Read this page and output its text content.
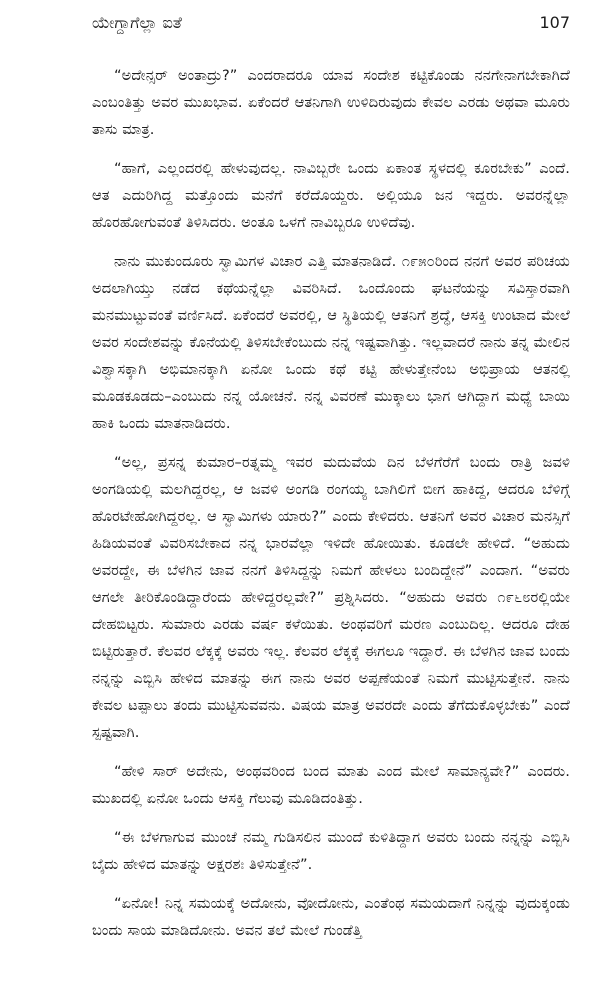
ಯೇಗ್ದಾಗೆಲ್ಲಾ ಐತೆ	107

“ಅದೇನ್ಸರ್ ಅಂತಾದ್ರು?” ಎಂದರಾದರೂ ಯಾವ ಸಂದೇಶ ಕಟ್ಟಿಕೊಂಡು ನನಗೇನಾಗಬೇಕಾಗಿದೆ ಎಂಬಂತಿತ್ತು ಅವರ ಮುಖಭಾವ. ಏಕೆಂದರೆ ಆತನಿಗಾಗಿ ಉಳಿದಿರುವುದು ಕೇವಲ ಎರಡು ಅಥವಾ ಮೂರು ತಾಸು ಮಾತ್ರ.

“ಹಾಗೆ, ಎಲ್ಲಂದರಲ್ಲಿ ಹೇಳುವುದಲ್ಲ. ನಾವಿಬ್ಬರೇ ಒಂದು ಏಕಾಂತ ಸ್ಥಳದಲ್ಲಿ ಕೂರಬೇಕು” ಎಂದೆ. ಆತ ಎದುರಿಗಿದ್ದ ಮತ್ತೊಂದು ಮನೆಗೆ ಕರೆದೊಯ್ದರು. ಅಲ್ಲಿಯೂ ಜನ ಇದ್ದರು. ಅವರನ್ನೆಲ್ಲಾ ಹೊರಹೋಗುವಂತೆ ತಿಳಿಸಿದರು. ಅಂತೂ ಒಳಗೆ ನಾವಿಬ್ಬರೂ ಉಳಿದೆವು.

ನಾನು ಮುಕುಂದೂರು ಸ್ವಾಮಿಗಳ ವಿಚಾರ ಎತ್ತಿ ಮಾತನಾಡಿದೆ. ೧೯೫೦ರಿಂದ ನನಗೆ ಅವರ ಪರಿಚಯ ಅದಲಾಗಿಯ್ತು ನಡೆದ ಕಥೆಯನ್ನೆಲ್ಲಾ ವಿವರಿಸಿದೆ. ಒಂದೊಂದು ಘಟನೆಯನ್ನು ಸವಿಸ್ತಾರವಾಗಿ ಮನಮುಟ್ಟುವಂತೆ ವರ್ಣಿಸಿದೆ. ಏಕೆಂದರೆ ಅವರಲ್ಲಿ, ಆ ಸ್ಥಿತಿಯಲ್ಲಿ ಆತನಿಗೆ ಶ್ರದ್ಧೆ, ಆಸಕ್ತಿ ಉಂಟಾದ ಮೇಲೆ ಅವರ ಸಂದೇಶವನ್ನು ಕೊನೆಯಲ್ಲಿ ತಿಳಿಸಬೇಕೆಂಬುದು ನನ್ನ ಇಷ್ಟವಾಗಿತ್ತು. ಇಲ್ಲವಾದರೆ ನಾನು ತನ್ನ ಮೇಲಿನ ವಿಶ್ವಾಸಕ್ಕಾಗಿ ಅಭಿಮಾನಕ್ಕಾಗಿ ಏನೋ ಒಂದು ಕಥೆ ಕಟ್ಟಿ ಹೇಳುತ್ತೇನೆಂಬ ಅಭಿಪ್ರಾಯ ಆತನಲ್ಲಿ ಮೂಡಕೂಡದು–ಎಂಬುದು ನನ್ನ ಯೋಚನೆ. ನನ್ನ ವಿವರಣೆ ಮುಕ್ಕಾಲು ಭಾಗ ಆಗಿದ್ದಾಗ ಮಧ್ಯೆ ಬಾಯಿ ಹಾಕಿ ಒಂದು ಮಾತನಾಡಿದರು.

“ಅಲ್ಲ, ಪ್ರಸನ್ನ ಕುಮಾರ–ರತ್ನಮ್ಮ ಇವರ ಮದುವೆಯ ದಿನ ಬೆಳಗೆರೆಗೆ ಬಂದು ರಾತ್ರಿ ಜವಳಿ ಅಂಗಡಿಯಲ್ಲಿ ಮಲಗಿದ್ದರಲ್ಲ, ಆ ಜವಳಿ ಅಂಗಡಿ ರಂಗಯ್ಯ ಬಾಗಿಲಿಗೆ ಬೀಗ ಹಾಕಿದ್ದ, ಆದರೂ ಬೆಳಿಗ್ಗೆ ಹೊರಟೇಹೋಗಿದ್ದರಲ್ಲ. ಆ ಸ್ವಾಮಿಗಳು ಯಾರು?” ಎಂದು ಕೇಳಿದರು. ಆತನಿಗೆ ಅವರ ವಿಚಾರ ಮನಸ್ಸಿಗೆ ಹಿಡಿಯವಂತೆ ವಿವರಿಸಬೇಕಾದ ನನ್ನ ಭಾರವೆಲ್ಲಾ ಇಳಿದೇ ಹೋಯಿತು. ಕೂಡಲೇ ಹೇಳಿದೆ. “ಅಹುದು ಅವರದ್ದೇ, ಈ ಬೆಳಗಿನ ಜಾವ ನನಗೆ ತಿಳಿಸಿದ್ದನ್ನು ನಿಮಗೆ ಹೇಳಲು ಬಂದಿದ್ದೇನೆ” ಎಂದಾಗ. “ಅವರು ಆಗಲೇ ತೀರಿಕೊಂಡಿದ್ದಾರೆಂದು ಹೇಳಿದ್ದರಲ್ಲವೇ?” ಪ್ರಶ್ನಿಸಿದರು. “ಅಹುದು ಅವರು ೧೯೬೮ರಲ್ಲಿಯೇ ದೇಹಬಿಟ್ಟರು. ಸುಮಾರು ಎರಡು ವರ್ಷ ಕಳೆಯಿತು. ಅಂಥವರಿಗೆ ಮರಣ ಎಂಬುದಿಲ್ಲ. ಆದರೂ ದೇಹ ಬಿಟ್ಟಿರುತ್ತಾರೆ. ಕೆಲವರ ಲೆಕ್ಕಕ್ಕೆ ಅವರು ಇಲ್ಲ. ಕೆಲವರ ಲೆಕ್ಕಕ್ಕೆ ಈಗಲೂ ಇದ್ದಾರೆ. ಈ ಬೆಳಗಿನ ಜಾವ ಬಂದು ನನ್ನನ್ನು ಎಬ್ಬಿಸಿ ಹೇಳಿದ ಮಾತನ್ನು ಈಗ ನಾನು ಅವರ ಅಪ್ಪಣೆಯಂತೆ ನಿಮಗೆ ಮುಟ್ಟಿಸುತ್ತೇನೆ. ನಾನು ಕೇವಲ ಟಪ್ಪಾಲು ತಂದು ಮುಟ್ಟಿಸುವವನು. ವಿಷಯ ಮಾತ್ರ ಅವರದೇ ಎಂದು ತೆಗೆದುಕೊಳ್ಳಬೇಕು” ಎಂದೆ ಸ್ಪಷ್ಟವಾಗಿ.

“ಹೇಳಿ ಸಾರ್ ಅದೇನು, ಅಂಥವರಿಂದ ಬಂದ ಮಾತು ಎಂದ ಮೇಲೆ ಸಾಮಾನ್ಯವೇ?” ಎಂದರು. ಮುಖದಲ್ಲಿ ಏನೋ ಒಂದು ಆಸಕ್ತಿ ಗೆಲುವು ಮೂಡಿದಂತಿತ್ತು.

“ಈ ಬೆಳಗಾಗುವ ಮುಂಚೆ ನಮ್ಮ ಗುಡಿಸಲಿನ ಮುಂದೆ ಕುಳಿತಿದ್ದಾಗ ಅವರು ಬಂದು ನನ್ನನ್ನು ಎಬ್ಬಿಸಿ ಬೈದು ಹೇಳಿದ ಮಾತನ್ನು ಅಕ್ಷರಶಃ ತಿಳಿಸುತ್ತೇನೆ”.

“ಏನೋ! ನಿನ್ನ ಸಮಯಕ್ಕೆ ಅದೋನು, ವೋದೋನು, ಎಂತೆಂಥ ಸಮಯದಾಗೆ ನಿನ್ನನ್ನು ವುದುಕ್ಕಂಡು ಬಂದು ಸಾಯ ಮಾಡಿದೋನು. ಅವನ ತಲೆ ಮೇಲೆ ಗುಂಡೆತ್ತಿ
